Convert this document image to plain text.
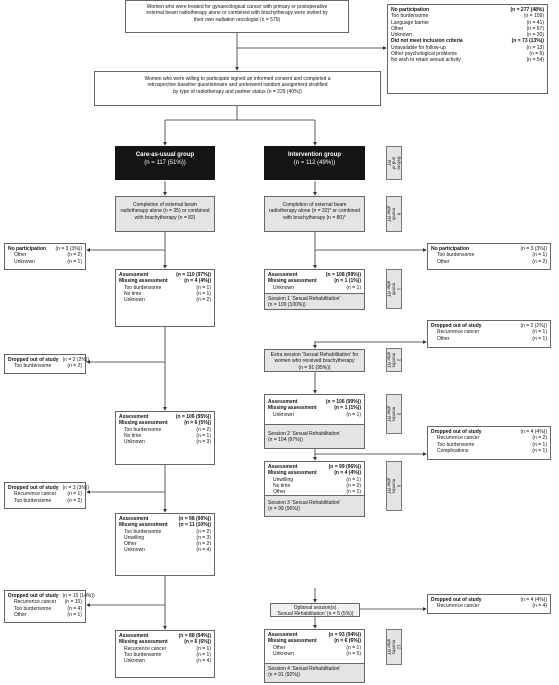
Women who were treated for gynaecological cancer with primary or postoperative
external beam radiotherapy alone or combined with brachytherapy were invited by
their own radiation oncologist (n = 579)
No participation	(n = 277 (48%)
Too burdensome	(n = 109)
Language barrier	(n = 41)
Other	(n = 97)
Unknown	(n = 30)
Did not meet inclusion criteria	(n = 73 (13%))
Unavailable for follow-up	(n = 13)
Other psychological problems	(n = 6)
No wish to retain sexual activity	(n = 54)
Women who were willing to participate signed an informed consent and completed a
retrospective baseline questionnaire and underwent random assignment stratified
by type of radiotherapy and partner status (n = 229 (40%))
Care-as-usual group
(n = 117 (51%))
Intervention group
(n = 112 (49%))
Completion of external beam
radiotherapy alone (n = 35) or combined
with brachytherapy (n = 82)
Completion of external beam
radiotherapy alone (n = 32)* or combined
with brachytherapy (n = 80)*
Before
end of
RT
0
month
after RT
1
month
after RT
2
months
after RT
3
months
after RT
6
months
after RT
12
months
after RT
No participation (n = 3 (3%))
Other	(n = 2)
Unknown	(n = 1)
Dropped out of study (n = 2 (2%))
Too burdensome	(n = 2)
Dropped out of study (n = 3 (3%))
Recurrence cancer (n = 1)
Too burdensome	(n = 2)
Dropped out of study (n = 15 (14%))
Recurrence cancer (n = 10)
Too burdensome	(n = 4)
Other	(n = 1)
Assessment	(n = 110 (97%))
Missing assessment	(n = 4 (4%))
Too burdensome	(n = 1)
No time	(n = 1)
Unknown	(n = 2)
Assessment	(n = 106 (95%))
Missing assessment	(n = 6 (5%))
Too burdensome	(n = 2)
No time	(n = 1)
Unknown	(n = 3)
Assessment	(n = 98 (90%))
Missing assessment (n = 11 (10%))
Too burdensome	(n = 2)
Unwilling	(n = 3)
Other	(n = 2)
Unknown	(n = 4)
Assessment	(n = 88 (94%))
Missing assessment	(n = 6 (6%))
Recurrence cancer	(n = 1)
Too burdensome	(n = 1)
Unknown	(n = 4)
Assessment	(n = 108 (99%))
Missing assessment	(n = 1 (1%))
Unknown	(n = 1)
Session 1 ‘Sexual Rehabilitation’
(n = 109 (100%))
Extra session ‘Sexual Rehabilitation’ for
women who received brachytherapy
(n = 91 (95%))
Assessment	(n = 106 (99%))
Missing assessment	(n = 1 (1%))
Unknown	(n = 1)
Session 2 ‘Sexual Rehabilitation’
(n = 104 (97%))
Assessment	(n = 99 (96%))
Missing assessment	(n = 4 (4%))
Unwilling	(n = 1)
No time	(n = 2)
Other	(n = 1)
Session 3 ‘Sexual Rehabilitation’
(n = 99 (96%))
Optional session(s)
‘Sexual Rehabilitation’ (n = 5 (5%))
Assessment	(n = 93 (94%))
Missing assessment	(n = 6 (6%))
Other	(n = 1)
Unknown	(n = 5)
Session 4 ‘Sexual Rehabilitation’
(n = 91 (92%))
No participation	(n = 3 (3%))
Too burdensome	(n = 1)
Other	(n = 2)
Dropped out of study	(n = 2 (2%))
Recurrence cancer	(n = 1)
Other	(n = 1)
Dropped out of study	(n = 4 (4%))
Recurrence cancer	(n = 2)
Too burdensome	(n = 1)
Complications	(n = 1)
Dropped out of study	(n = 4 (4%))
Recurrence cancer	(n = 4)
